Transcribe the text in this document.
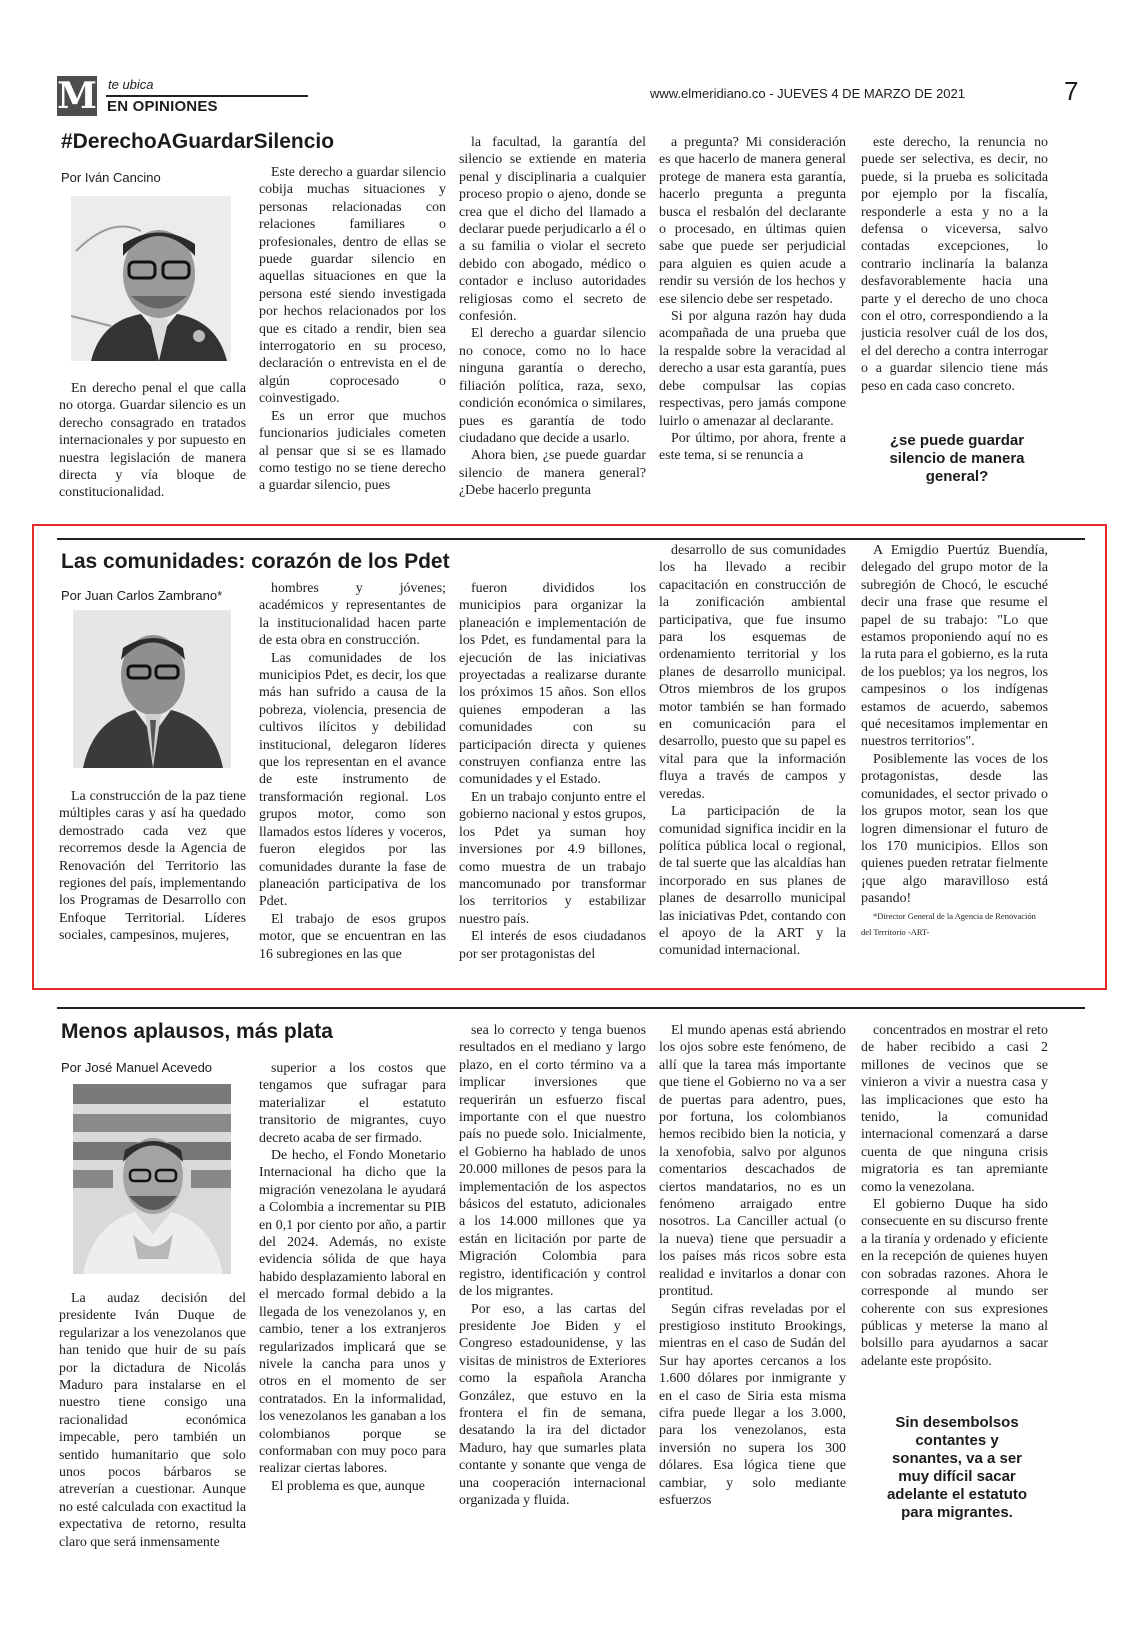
M te ubica
EN OPINIONES
www.elmeridiano.co - JUEVES 4 DE MARZO DE 2021	7
#DerechoAGuardarSilencio
Por Iván Cancino

En derecho penal el que calla no otorga. Guardar silencio es un derecho consagrado en tratados internacionales y por supuesto en nuestra legislación de manera directa y vía bloque de constitucionalidad.

Este derecho a guardar silencio cobija muchas situaciones y personas relacionadas con relaciones familiares o profesionales, dentro de ellas se puede guardar silencio en aquellas situaciones en que la persona esté siendo investigada por hechos relacionados por los que es citado a rendir, bien sea interrogatorio en su proceso, declaración o entrevista en el de algún coprocesado o coinvestigado.

Es un error que muchos funcionarios judiciales cometen al pensar que si se es llamado como testigo no se tiene derecho a guardar silencio, pues

la facultad, la garantía del silencio se extiende en materia penal y disciplinaria a cualquier proceso propio o ajeno, donde se crea que el dicho del llamado a declarar puede perjudicarlo a él o a su familia o violar el secreto debido con abogado, médico o contador e incluso autoridades religiosas como el secreto de confesión.

El derecho a guardar silencio no conoce, como no lo hace ninguna garantía o derecho, filiación política, raza, sexo, condición económica o similares, pues es garantía de todo ciudadano que decide a usarlo.

Ahora bien, ¿se puede guardar silencio de manera general? ¿Debe hacerlo pregunta

a pregunta? Mi consideración es que hacerlo de manera general protege de manera esta garantía, hacerlo pregunta a pregunta busca el resbalón del declarante o procesado, en últimas quien sabe que puede ser perjudicial para alguien es quien acude a rendir su versión de los hechos y ese silencio debe ser respetado.

Si por alguna razón hay duda acompañada de una prueba que la respalde sobre la veracidad al derecho a usar esta garantía, pues debe compulsar las copias respectivas, pero jamás compone luirlo o amenazar al declarante.

Por último, por ahora, frente a este tema, si se renuncia a

este derecho, la renuncia no puede ser selectiva, es decir, no puede, si la prueba es solicitada por ejemplo por la fiscalía, responderle a esta y no a la defensa o viceversa, salvo contadas excepciones, lo contrario inclinaría la balanza desfavorablemente hacia una parte y el derecho de uno choca con el otro, correspondiendo a la justicia resolver cuál de los dos, el del derecho a contra interrogar o a guardar silencio tiene más peso en cada caso concreto.

¿se puede guardar silencio de manera general?
Las comunidades: corazón de los Pdet
Por Juan Carlos Zambrano*

La construcción de la paz tiene múltiples caras y así ha quedado demostrado cada vez que recorremos desde la Agencia de Renovación del Territorio las regiones del país, implementando los Programas de Desarrollo con Enfoque Territorial. Líderes sociales, campesinos, mujeres,

hombres y jóvenes; académicos y representantes de la institucionalidad hacen parte de esta obra en construcción.

Las comunidades de los municipios Pdet, es decir, los que más han sufrido a causa de la pobreza, violencia, presencia de cultivos ilícitos y debilidad institucional, delegaron líderes que los representan en el avance de este instrumento de transformación regional. Los grupos motor, como son llamados estos líderes y voceros, fueron elegidos por las comunidades durante la fase de planeación participativa de los Pdet.

El trabajo de esos grupos motor, que se encuentran en las 16 subregiones en las que

fueron divididos los municipios para organizar la planeación e implementación de los Pdet, es fundamental para la ejecución de las iniciativas proyectadas a realizarse durante los próximos 15 años. Son ellos quienes empoderan a las comunidades con su participación directa y quienes construyen confianza entre las comunidades y el Estado.

En un trabajo conjunto entre el gobierno nacional y estos grupos, los Pdet ya suman hoy inversiones por 4.9 billones, como muestra de un trabajo mancomunado por transformar los territorios y estabilizar nuestro país.

El interés de esos ciudadanos por ser protagonistas del

desarrollo de sus comunidades los ha llevado a recibir capacitación en construcción de la zonificación ambiental participativa, que fue insumo para los esquemas de ordenamiento territorial y los planes de desarrollo municipal. Otros miembros de los grupos motor también se han formado en comunicación para el desarrollo, puesto que su papel es vital para que la información fluya a través de campos y veredas.

La participación de la comunidad significa incidir en la política pública local o regional, de tal suerte que las alcaldías han incorporado en sus planes de planes de desarrollo municipal las iniciativas Pdet, contando con el apoyo de la ART y la comunidad internacional.

A Emigdio Puertúz Buendía, delegado del grupo motor de la subregión de Chocó, le escuché decir una frase que resume el papel de su trabajo: "Lo que estamos proponiendo aquí no es la ruta para el gobierno, es la ruta de los pueblos; ya los negros, los campesinos o los indígenas estamos de acuerdo, sabemos qué necesitamos implementar en nuestros territorios".

Posiblemente las voces de los protagonistas, desde las comunidades, el sector privado o los grupos motor, sean los que logren dimensionar el futuro de los 170 municipios. Ellos son quienes pueden retratar fielmente ¡que algo maravilloso está pasando!

*Director General de la Agencia de Renovación del Territorio -ART-

Menos aplausos, más plata
Por José Manuel Acevedo

La audaz decisión del presidente Iván Duque de regularizar a los venezolanos que han tenido que huir de su país por la dictadura de Nicolás Maduro para instalarse en el nuestro tiene consigo una racionalidad económica impecable, pero también un sentido humanitario que solo unos pocos bárbaros se atreverían a cuestionar. Aunque no esté calculada con exactitud la expectativa de retorno, resulta claro que será inmensamente

superior a los costos que tengamos que sufragar para materializar el estatuto transitorio de migrantes, cuyo decreto acaba de ser firmado.

De hecho, el Fondo Monetario Internacional ha dicho que la migración venezolana le ayudará a Colombia a incrementar su PIB en 0,1 por ciento por año, a partir del 2024. Además, no existe evidencia sólida de que haya habido desplazamiento laboral en el mercado formal debido a la llegada de los venezolanos y, en cambio, tener a los extranjeros regularizados implicará que se nivele la cancha para unos y otros en el momento de ser contratados. En la informalidad, los venezolanos les ganaban a los colombianos porque se conformaban con muy poco para realizar ciertas labores.

El problema es que, aunque

sea lo correcto y tenga buenos resultados en el mediano y largo plazo, en el corto término va a implicar inversiones que requerirán un esfuerzo fiscal importante con el que nuestro país no puede solo. Inicialmente, el Gobierno ha hablado de unos 20.000 millones de pesos para la implementación de los aspectos básicos del estatuto, adicionales a los 14.000 millones que ya están en licitación por parte de Migración Colombia para registro, identificación y control de los migrantes.

Por eso, a las cartas del presidente Joe Biden y el Congreso estadounidense, y las visitas de ministros de Exteriores como la española Arancha González, que estuvo en la frontera el fin de semana, desatando la ira del dictador Maduro, hay que sumarles plata contante y sonante que venga de una cooperación internacional organizada y fluida.

El mundo apenas está abriendo los ojos sobre este fenómeno, de allí que la tarea más importante que tiene el Gobierno no va a ser de puertas para adentro, pues, por fortuna, los colombianos hemos recibido bien la noticia, y la xenofobia, salvo por algunos comentarios descachados de ciertos mandatarios, no es un fenómeno arraigado entre nosotros. La Canciller actual (o la nueva) tiene que persuadir a los países más ricos sobre esta realidad e invitarlos a donar con prontitud.

Según cifras reveladas por el prestigioso instituto Brookings, mientras en el caso de Sudán del Sur hay aportes cercanos a los 1.600 dólares por inmigrante y en el caso de Siria esta misma cifra puede llegar a los 3.000, para los venezolanos, esta inversión no supera los 300 dólares. Esa lógica tiene que cambiar, y solo mediante esfuerzos

concentrados en mostrar el reto de haber recibido a casi 2 millones de vecinos que se vinieron a vivir a nuestra casa y las implicaciones que esto ha tenido, la comunidad internacional comenzará a darse cuenta de que ninguna crisis migratoria es tan apremiante como la venezolana.

El gobierno Duque ha sido consecuente en su discurso frente a la tiranía y ordenado y eficiente en la recepción de quienes huyen con sobradas razones. Ahora le corresponde al mundo ser coherente con sus expresiones públicas y meterse la mano al bolsillo para ayudarnos a sacar adelante este propósito.

Sin desembolsos contantes y sonantes, va a ser muy difícil sacar adelante el estatuto para migrantes.
